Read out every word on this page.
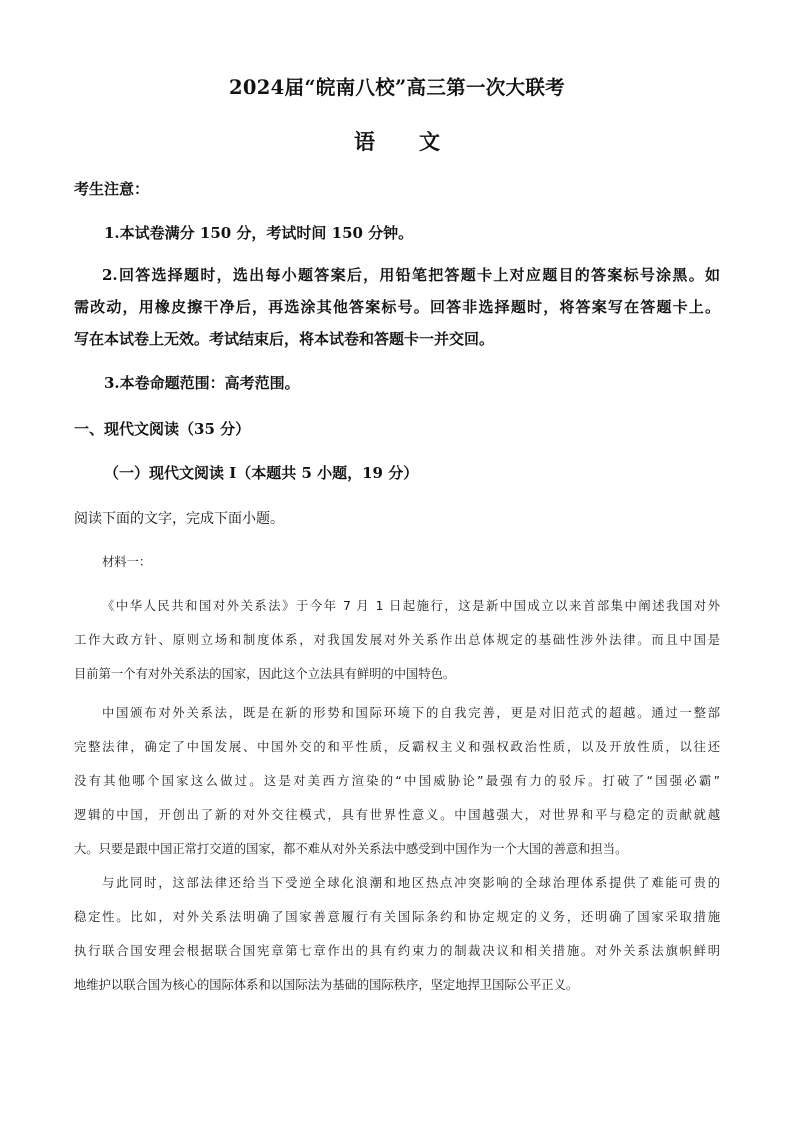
2024届“皖南八校”高三第一次大联考
语文
考生注意：
1.本试卷满分 150 分，考试时间 150 分钟。
2.回答选择题时，选出每小题答案后，用铅笔把答题卡上对应题目的答案标号涂黑。如
需改动，用橡皮擦干净后，再选涂其他答案标号。回答非选择题时，将答案写在答题卡上。
写在本试卷上无效。考试结束后，将本试卷和答题卡一并交回。
3.本卷命题范围：高考范围。
一、现代文阅读（35 分）
（一）现代文阅读 I（本题共 5 小题，19 分）
阅读下面的文字，完成下面小题。
材料一：
《中华人民共和国对外关系法》于今年 7 月 1 日起施行，这是新中国成立以来首部集中阐述我国对外
工作大政方针、原则立场和制度体系，对我国发展对外关系作出总体规定的基础性涉外法律。而且中国是
目前第一个有对外关系法的国家，因此这个立法具有鲜明的中国特色。
中国颁布对外关系法，既是在新的形势和国际环境下的自我完善，更是对旧范式的超越。通过一整部
完整法律，确定了中国发展、中国外交的和平性质，反霸权主义和强权政治性质，以及开放性质，以往还
没有其他哪个国家这么做过。这是对美西方渲染的“中国威胁论”最强有力的驳斥。打破了“国强必霸”
逻辑的中国，开创出了新的对外交往模式，具有世界性意义。中国越强大，对世界和平与稳定的贡献就越
大。只要是跟中国正常打交道的国家，都不难从对外关系法中感受到中国作为一个大国的善意和担当。
与此同时，这部法律还给当下受逆全球化浪潮和地区热点冲突影响的全球治理体系提供了难能可贵的
稳定性。比如，对外关系法明确了国家善意履行有关国际条约和协定规定的义务，还明确了国家采取措施
执行联合国安理会根据联合国宪章第七章作出的具有约束力的制裁决议和相关措施。对外关系法旗帜鲜明
地维护以联合国为核心的国际体系和以国际法为基础的国际秩序，坚定地捍卫国际公平正义。
